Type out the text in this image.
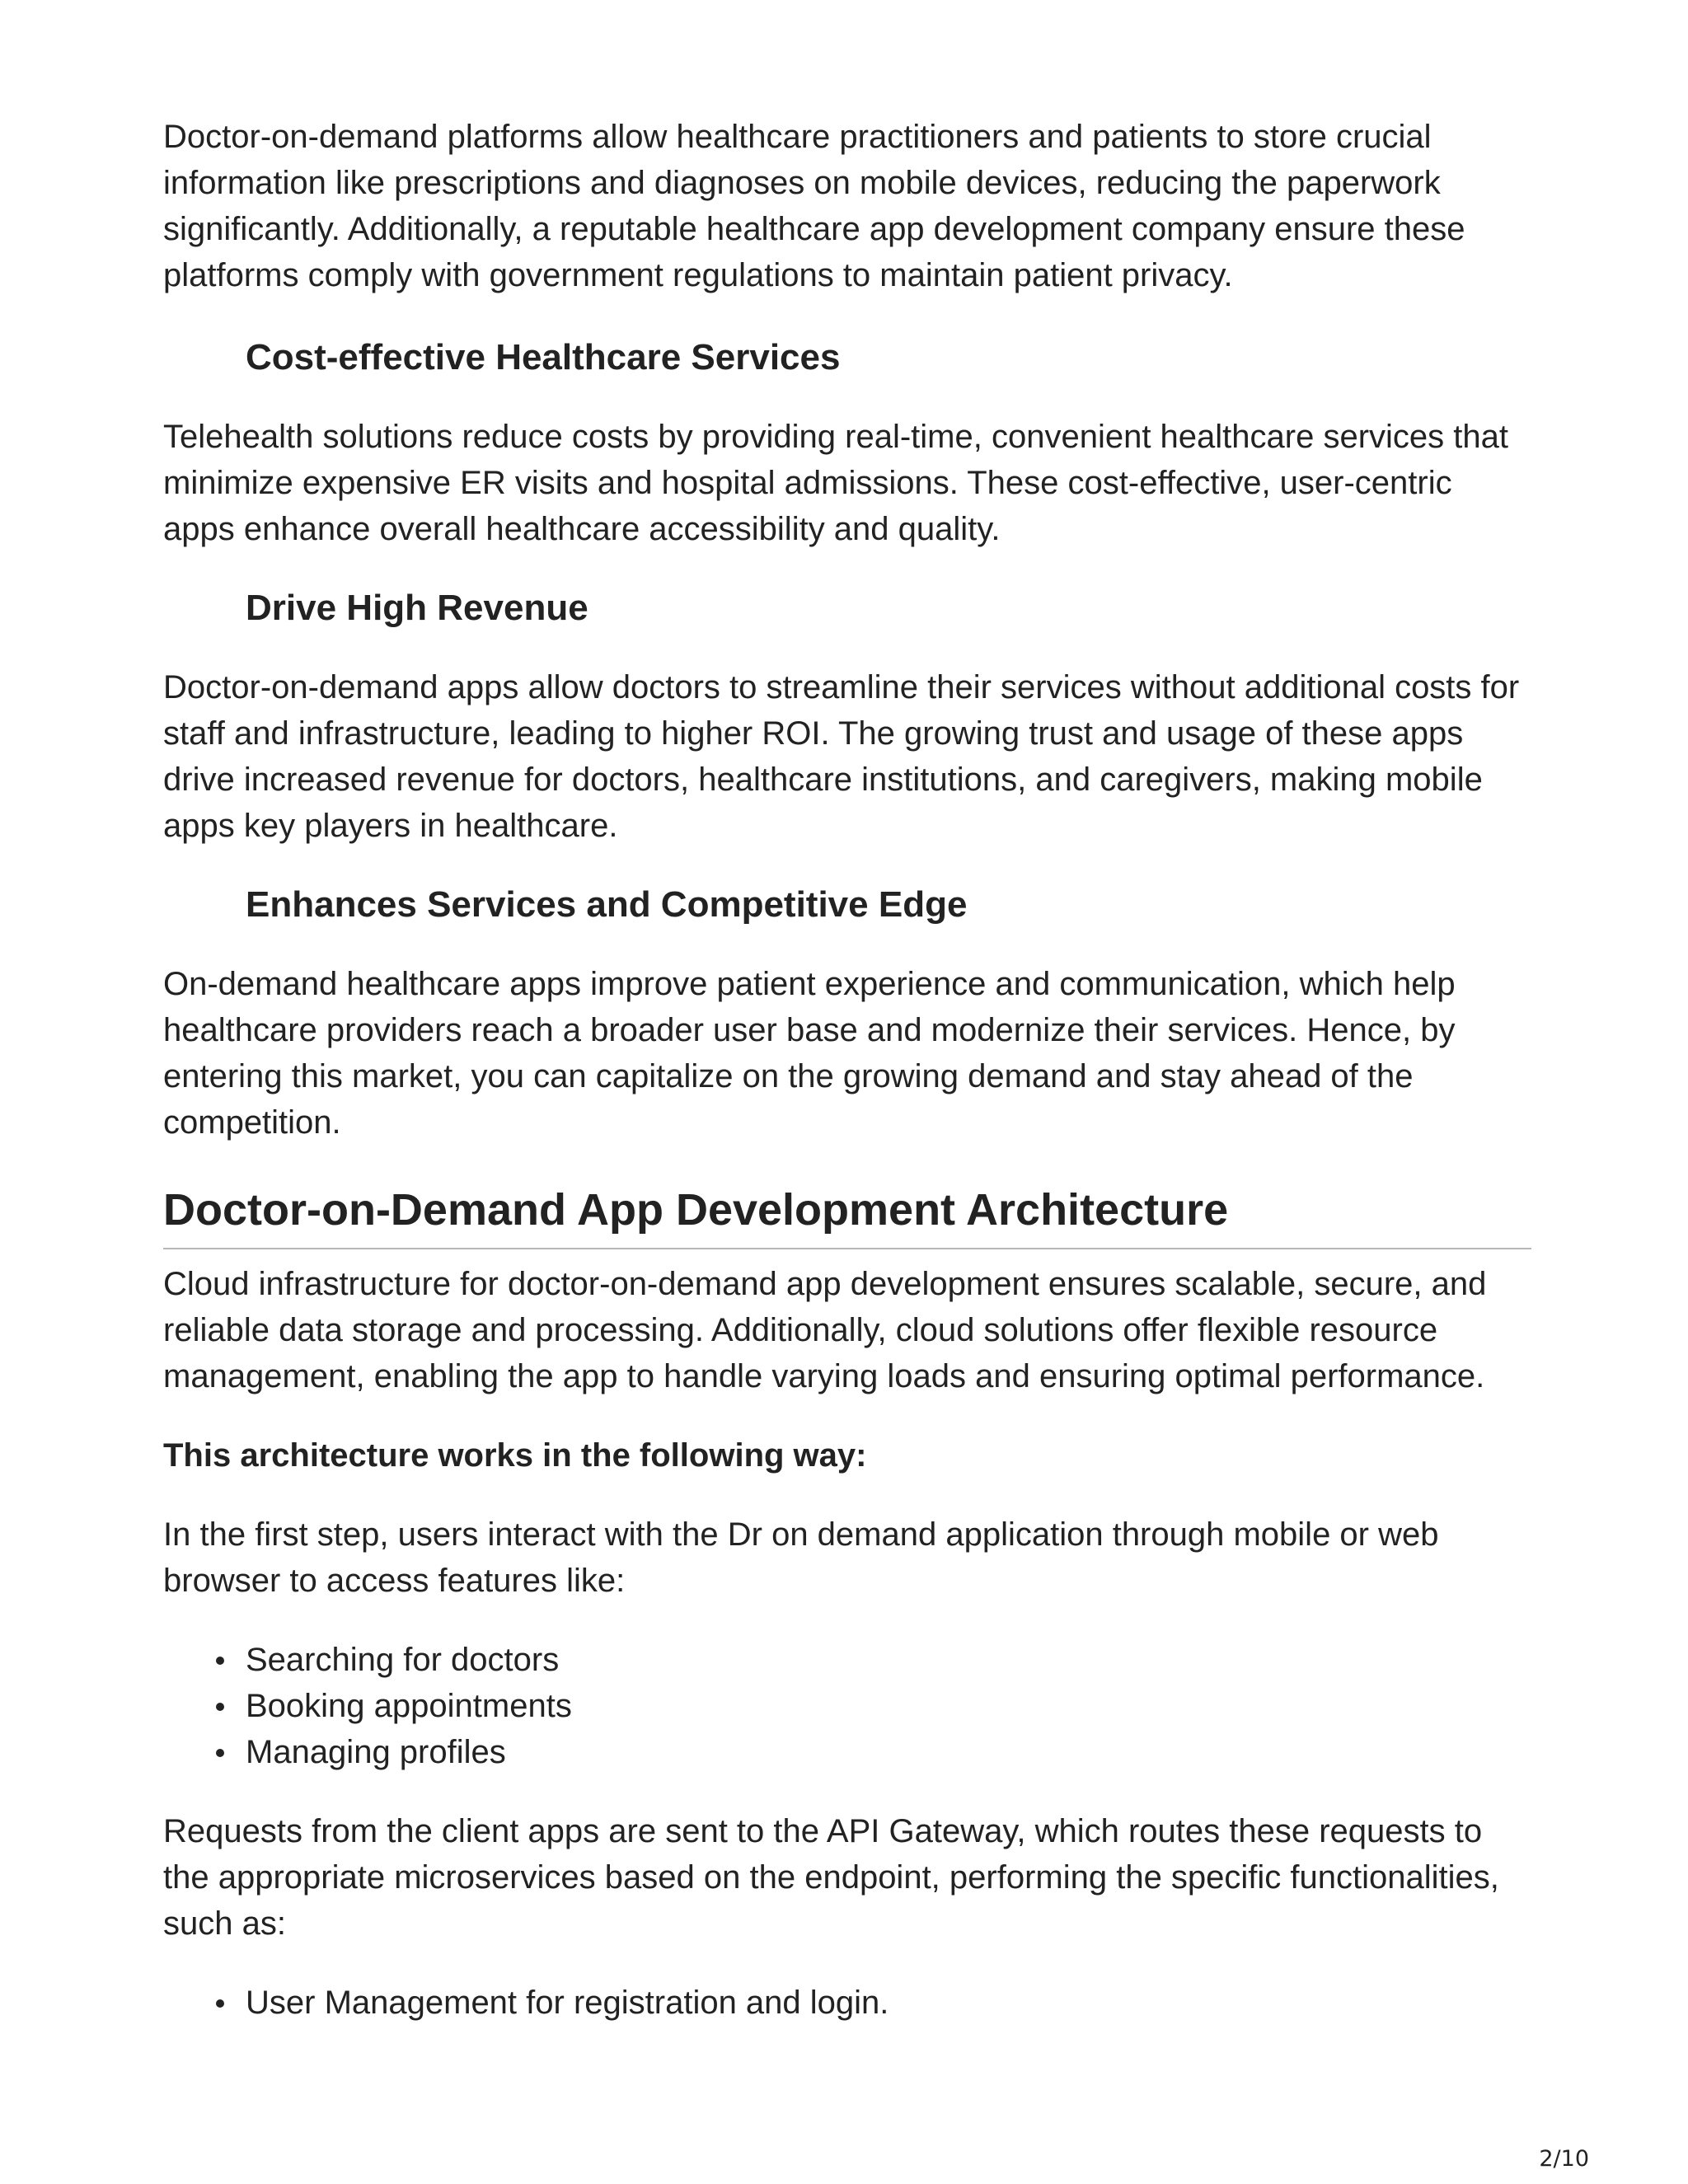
Doctor-on-demand platforms allow healthcare practitioners and patients to store crucial information like prescriptions and diagnoses on mobile devices, reducing the paperwork significantly. Additionally, a reputable healthcare app development company ensure these platforms comply with government regulations to maintain patient privacy.

Cost-effective Healthcare Services

Telehealth solutions reduce costs by providing real-time, convenient healthcare services that minimize expensive ER visits and hospital admissions. These cost-effective, user-centric apps enhance overall healthcare accessibility and quality.

Drive High Revenue

Doctor-on-demand apps allow doctors to streamline their services without additional costs for staff and infrastructure, leading to higher ROI. The growing trust and usage of these apps drive increased revenue for doctors, healthcare institutions, and caregivers, making mobile apps key players in healthcare.

Enhances Services and Competitive Edge

On-demand healthcare apps improve patient experience and communication, which help healthcare providers reach a broader user base and modernize their services. Hence, by entering this market, you can capitalize on the growing demand and stay ahead of the competition.

Doctor-on-Demand App Development Architecture

Cloud infrastructure for doctor-on-demand app development ensures scalable, secure, and reliable data storage and processing. Additionally, cloud solutions offer flexible resource management, enabling the app to handle varying loads and ensuring optimal performance.

This architecture works in the following way:

In the first step, users interact with the Dr on demand application through mobile or web browser to access features like:

Searching for doctors
Booking appointments
Managing profiles

Requests from the client apps are sent to the API Gateway, which routes these requests to the appropriate microservices based on the endpoint, performing the specific functionalities, such as:

User Management for registration and login.
2/10
